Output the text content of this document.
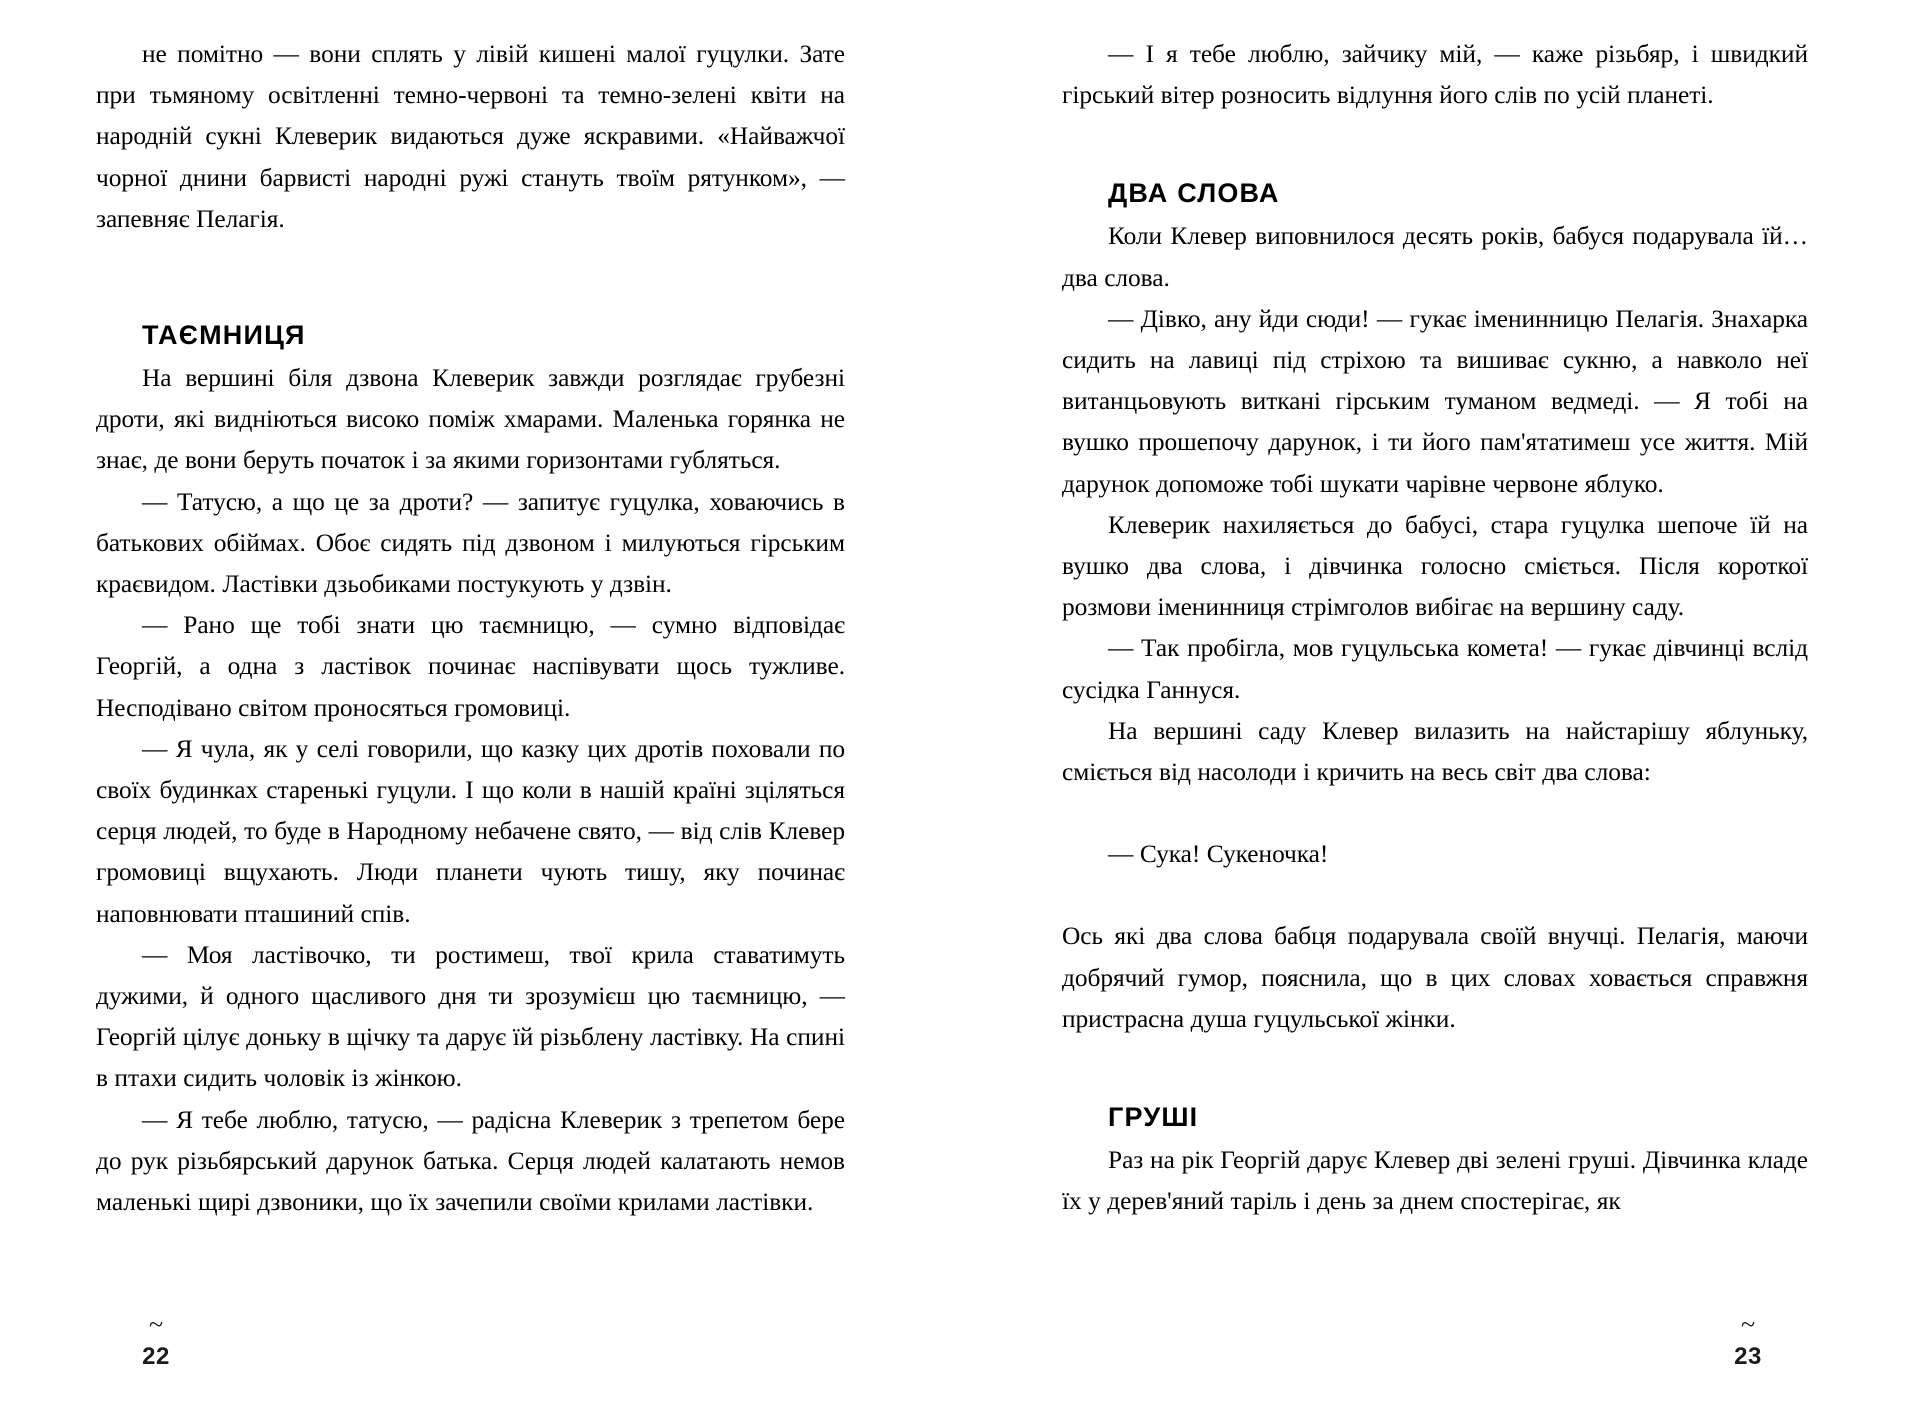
не помітно — вони сплять у лівій кишені малої гуцулки. Зате при тьмяному освітленні темно-червоні та темно-зелені квіти на народній сукні Клеверик видаються дуже яскравими. «Найважчої чорної днини барвисті народні ружі стануть твоїм рятунком», — запевняє Пелагія.

ТАЄМНИЦЯ

На вершині біля дзвона Клеверик завжди розглядає грубезні дроти, які видніються високо поміж хмарами. Маленька горянка не знає, де вони беруть початок і за якими горизонтами губляться.

— Татусю, а що це за дроти? — запитує гуцулка, ховаючись в батькових обіймах. Обоє сидять під дзвоном і милуються гірським краєвидом. Ластівки дзьобиками постукують у дзвін.

— Рано ще тобі знати цю таємницю, — сумно відповідає Георгій, а одна з ластівок починає наспівувати щось тужливе. Несподівано світом проносяться громовиці.

— Я чула, як у селі говорили, що казку цих дротів поховали по своїх будинках старенькі гуцули. І що коли в нашій країні зціляться серця людей, то буде в Народному небачене свято, — від слів Клевер громовиці вщухають. Люди планети чують тишу, яку починає наповнювати пташиний спів.

— Моя ластівочко, ти ростимеш, твої крила ставатимуть дужими, й одного щасливого дня ти зрозумієш цю таємницю, — Георгій цілує доньку в щічку та дарує їй різьблену ластівку. На спині в птахи сидить чоловік із жінкою.

— Я тебе люблю, татусю, — радісна Клеверик з трепетом бере до рук різьбярський дарунок батька. Серця людей калатають немов маленькі щирі дзвоники, що їх зачепили своїми крилами ластівки.

~
22

— І я тебе люблю, зайчику мій, — каже різьбяр, і швидкий гірський вітер розносить відлуння його слів по усій планеті.

ДВА СЛОВА

Коли Клевер виповнилося десять років, бабуся подарувала їй… два слова.

— Дівко, ану йди сюди! — гукає іменинницю Пелагія. Знахарка сидить на лавиці під стріхою та вишиває сукню, а навколо неї витанцьовують виткані гірським туманом ведмеді. — Я тобі на вушко прошепочу дарунок, і ти його пам'ятатимеш усе життя. Мій дарунок допоможе тобі шукати чарівне червоне яблуко.

Клеверик нахиляється до бабусі, стара гуцулка шепоче їй на вушко два слова, і дівчинка голосно сміється. Після короткої розмови іменинниця стрімголов вибігає на вершину саду.

— Так пробігла, мов гуцульська комета! — гукає дівчинці вслід сусідка Ганнуся.

На вершині саду Клевер вилазить на найстарішу яблуньку, сміється від насолоди і кричить на весь світ два слова:

— Сука! Сукеночка!

Ось які два слова бабця подарувала своїй внучці. Пелагія, маючи добрячий гумор, пояснила, що в цих словах ховається справжня пристрасна душа гуцульської жінки.

ГРУШІ

Раз на рік Георгій дарує Клевер дві зелені груші. Дівчинка кладе їх у дерев'яний таріль і день за днем спостерігає, як

~
23
